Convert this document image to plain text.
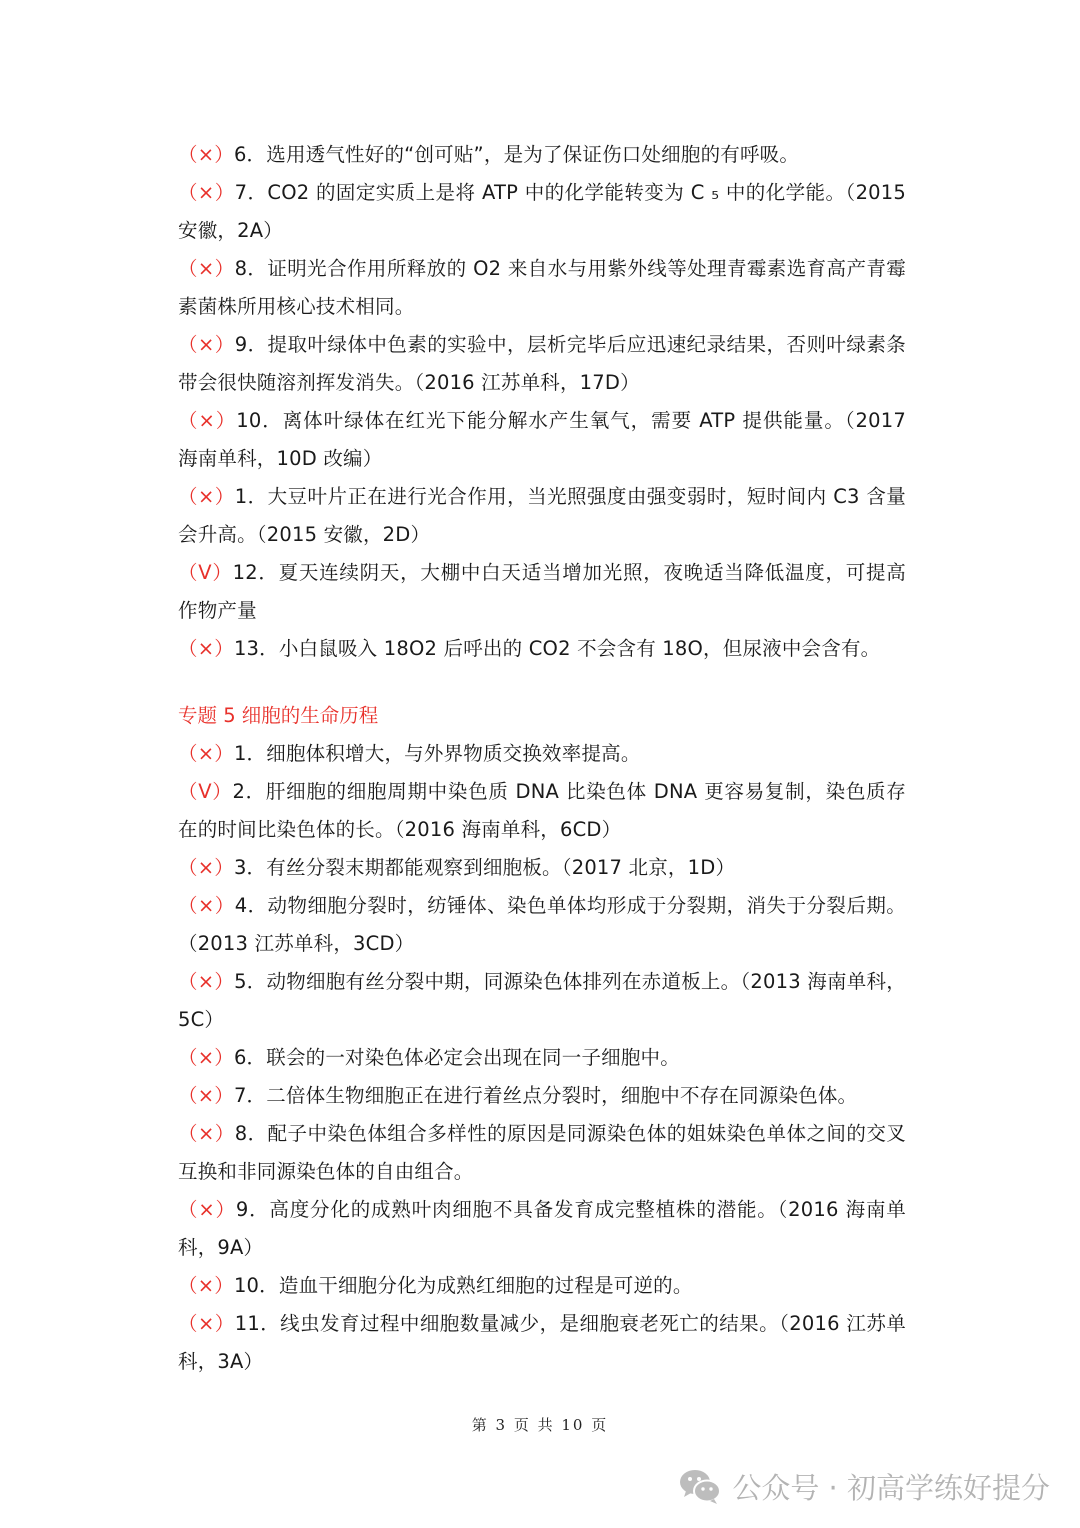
（×）6．选用透气性好的“创可贴”，是为了保证伤口处细胞的有呼吸。

（×）7．CO2 的固定实质上是将 ATP 中的化学能转变为 C ₅ 中的化学能。（2015 安徽，2A）

（×）8．证明光合作用所释放的 O2 来自水与用紫外线等处理青霉素选育高产青霉素菌株所用核心技术相同。

（×）9．提取叶绿体中色素的实验中，层析完毕后应迅速纪录结果，否则叶绿素条带会很快随溶剂挥发消失。（2016 江苏单科，17D）

（×）10．离体叶绿体在红光下能分解水产生氧气，需要 ATP 提供能量。（2017 海南单科，10D 改编）

（×）1．大豆叶片正在进行光合作用，当光照强度由强变弱时，短时间内 C3 含量会升高。（2015 安徽，2D）

（V）12．夏天连续阴天，大棚中白天适当增加光照，夜晚适当降低温度，可提高作物产量

（×）13．小白鼠吸入 18O2 后呼出的 CO2 不会含有 18O，但尿液中会含有。

专题 5 细胞的生命历程

（×）1．细胞体积增大，与外界物质交换效率提高。

（V）2．肝细胞的细胞周期中染色质 DNA 比染色体 DNA 更容易复制，染色质存在的时间比染色体的长。（2016 海南单科，6CD）

（×）3．有丝分裂末期都能观察到细胞板。（2017 北京，1D）

（×）4．动物细胞分裂时，纺锤体、染色单体均形成于分裂期，消失于分裂后期。（2013 江苏单科，3CD）

（×）5．动物细胞有丝分裂中期，同源染色体排列在赤道板上。（2013 海南单科，5C）

（×）6．联会的一对染色体必定会出现在同一子细胞中。

（×）7．二倍体生物细胞正在进行着丝点分裂时，细胞中不存在同源染色体。

（×）8．配子中染色体组合多样性的原因是同源染色体的姐妹染色单体之间的交叉互换和非同源染色体的自由组合。

（×）9．高度分化的成熟叶肉细胞不具备发育成完整植株的潜能。（2016 海南单科，9A）

（×）10．造血干细胞分化为成熟红细胞的过程是可逆的。

（×）11．线虫发育过程中细胞数量减少，是细胞衰老死亡的结果。（2016 江苏单科，3A）

第 3 页 共 10 页
公众号 · 初高学练好提分
